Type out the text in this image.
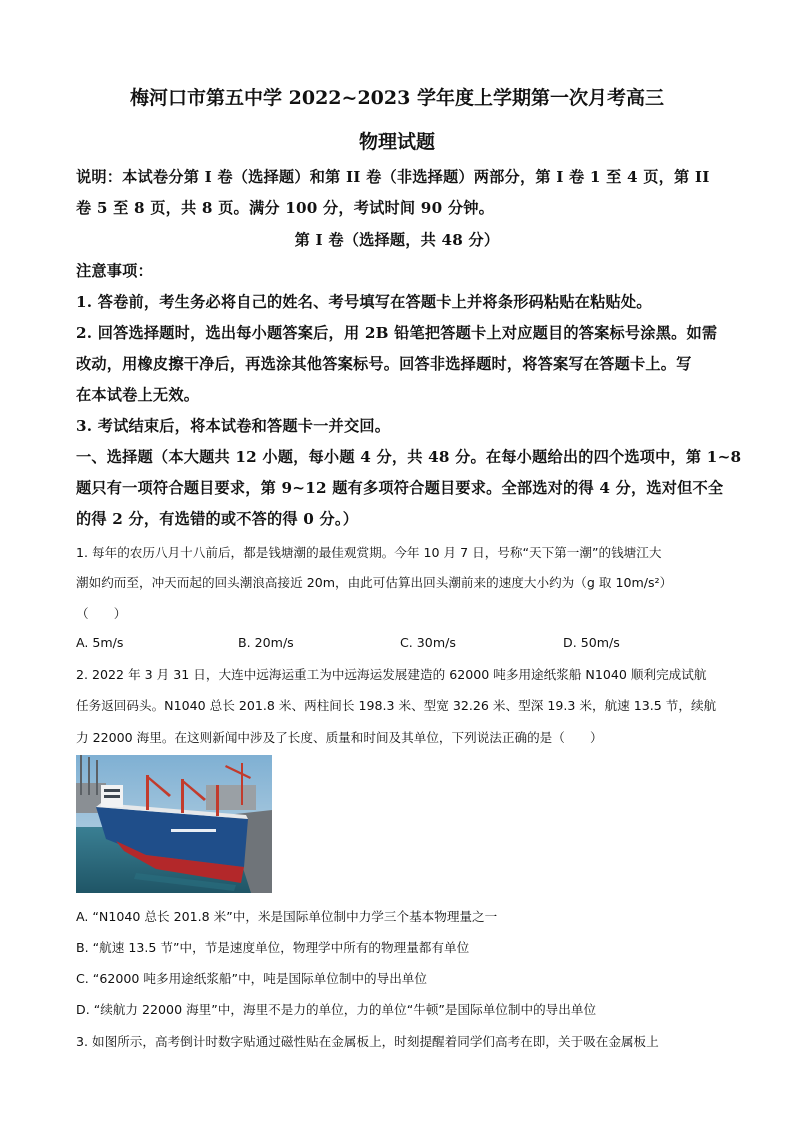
梅河口市第五中学 2022~2023 学年度上学期第一次月考高三
物理试题
说明：本试卷分第 I 卷（选择题）和第 II 卷（非选择题）两部分，第 I 卷 1 至 4 页，第 II
卷 5 至 8 页，共 8 页。满分 100 分，考试时间 90 分钟。
第 I 卷（选择题，共 48 分）
注意事项：
1. 答卷前，考生务必将自己的姓名、考号填写在答题卡上并将条形码粘贴在粘贴处。
2. 回答选择题时，选出每小题答案后，用 2B 铅笔把答题卡上对应题目的答案标号涂黑。如需
改动，用橡皮擦干净后，再选涂其他答案标号。回答非选择题时，将答案写在答题卡上。写
在本试卷上无效。
3. 考试结束后，将本试卷和答题卡一并交回。
一、选择题（本大题共 12 小题，每小题 4 分，共 48 分。在每小题给出的四个选项中，第 1~8
题只有一项符合题目要求，第 9~12 题有多项符合题目要求。全部选对的得 4 分，选对但不全
的得 2 分，有选错的或不答的得 0 分。）
1. 每年的农历八月十八前后，都是钱塘潮的最佳观赏期。今年 10 月 7 日，号称“天下第一潮”的钱塘江大
潮如约而至，冲天而起的回头潮浪高接近 20m，由此可估算出回头潮前来的速度大小约为（g 取 10m/s²）
（　　）
A. 5m/s	B. 20m/s	C. 30m/s	D. 50m/s
2. 2022 年 3 月 31 日，大连中远海运重工为中远海运发展建造的 62000 吨多用途纸浆船 N1040 顺利完成试航
任务返回码头。N1040 总长 201.8 米、两柱间长 198.3 米、型宽 32.26 米、型深 19.3 米，航速 13.5 节，续航
力 22000 海里。在这则新闻中涉及了长度、质量和时间及其单位，下列说法正确的是（　　）
A. “N1040 总长 201.8 米”中，米是国际单位制中力学三个基本物理量之一
B. “航速 13.5 节”中，节是速度单位，物理学中所有的物理量都有单位
C. “62000 吨多用途纸浆船”中，吨是国际单位制中的导出单位
D. “续航力 22000 海里”中，海里不是力的单位，力的单位“牛顿”是国际单位制中的导出单位
3. 如图所示，高考倒计时数字贴通过磁性贴在金属板上，时刻提醒着同学们高考在即，关于吸在金属板上
